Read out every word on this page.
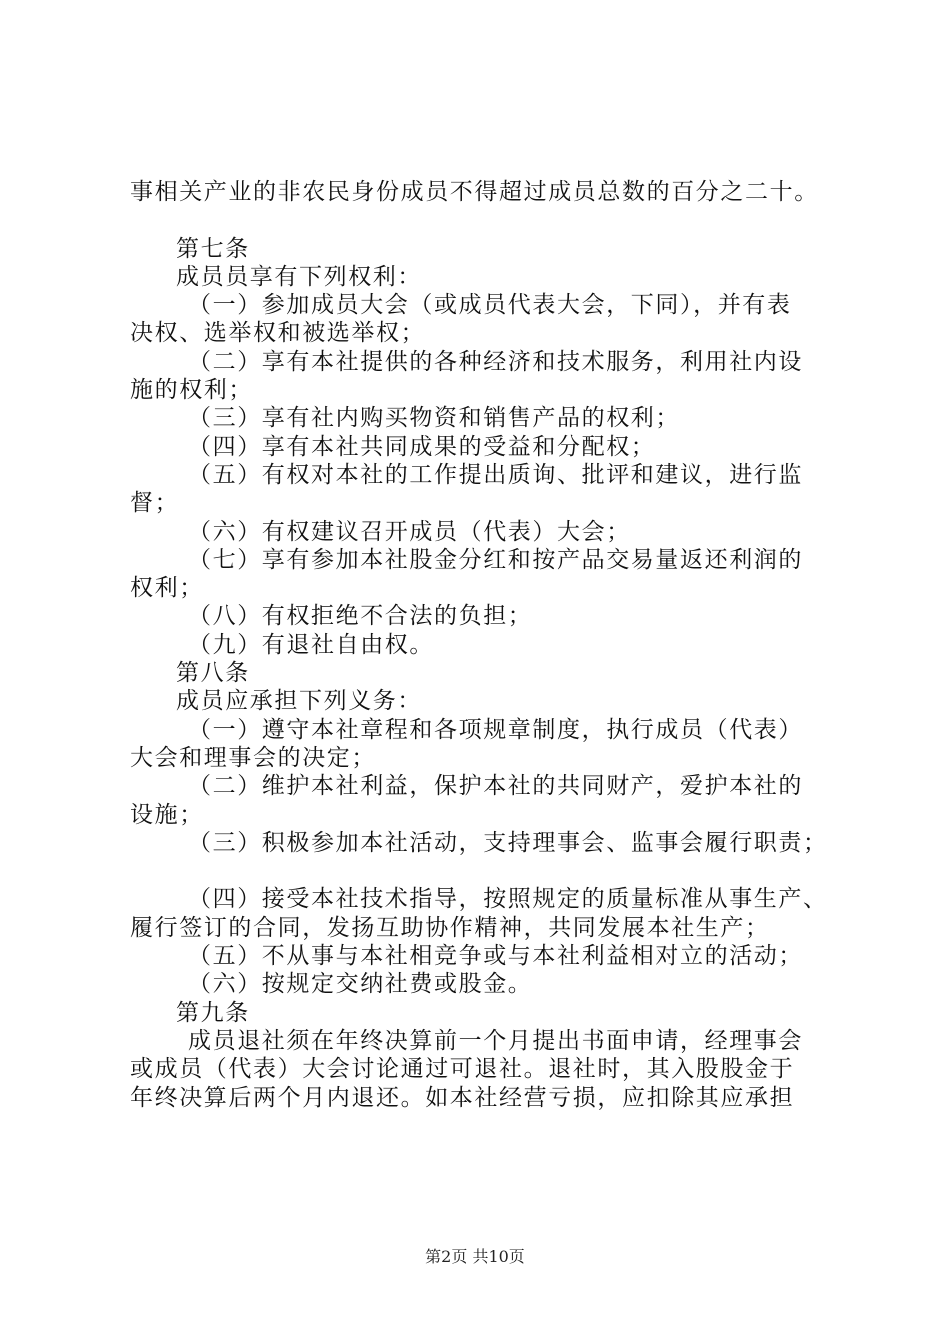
事相关产业的非农民身份成员不得超过成员总数的百分之二十。
第七条
成员员享有下列权利：
（一）参加成员大会（或成员代表大会，下同），并有表
决权、选举权和被选举权；
（二）享有本社提供的各种经济和技术服务，利用社内设
施的权利；
（三）享有社内购买物资和销售产品的权利；
（四）享有本社共同成果的受益和分配权；
（五）有权对本社的工作提出质询、批评和建议，进行监
督；
（六）有权建议召开成员（代表）大会；
（七）享有参加本社股金分红和按产品交易量返还利润的
权利；
（八）有权拒绝不合法的负担；
（九）有退社自由权。
第八条
成员应承担下列义务：
（一）遵守本社章程和各项规章制度，执行成员（代表）
大会和理事会的决定；
（二）维护本社利益，保护本社的共同财产，爱护本社的
设施；
（三）积极参加本社活动，支持理事会、监事会履行职责；
（四）接受本社技术指导，按照规定的质量标准从事生产、
履行签订的合同，发扬互助协作精神，共同发展本社生产；
（五）不从事与本社相竞争或与本社利益相对立的活动；
（六）按规定交纳社费或股金。
第九条
成员退社须在年终决算前一个月提出书面申请，经理事会
或成员（代表）大会讨论通过可退社。退社时，其入股股金于
年终决算后两个月内退还。如本社经营亏损，应扣除其应承担
第2页 共10页
